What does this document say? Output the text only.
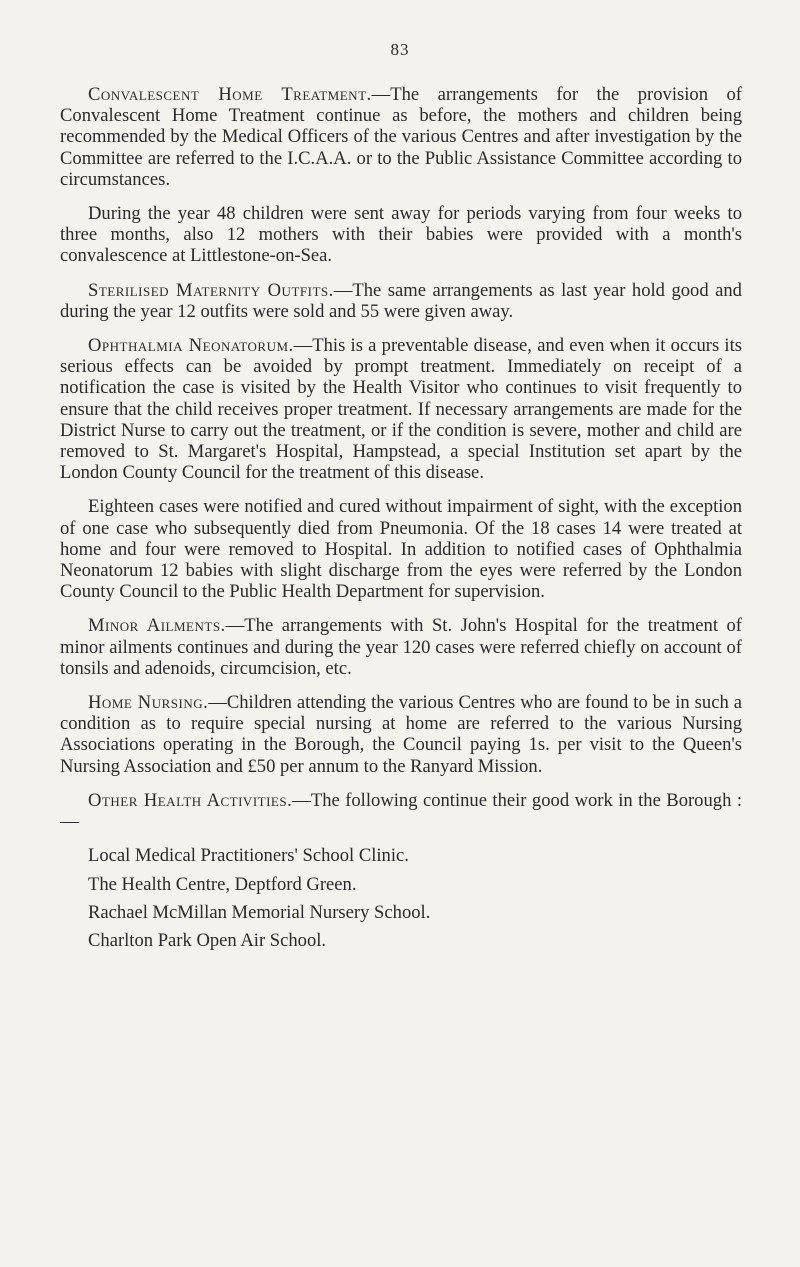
83

Convalescent Home Treatment.—The arrangements for the provision of Convalescent Home Treatment continue as before, the mothers and children being recommended by the Medical Officers of the various Centres and after investigation by the Committee are referred to the I.C.A.A. or to the Public Assistance Committee according to circumstances.

During the year 48 children were sent away for periods varying from four weeks to three months, also 12 mothers with their babies were provided with a month's convalescence at Littlestone-on-Sea.

Sterilised Maternity Outfits.—The same arrangements as last year hold good and during the year 12 outfits were sold and 55 were given away.

Ophthalmia Neonatorum.—This is a preventable disease, and even when it occurs its serious effects can be avoided by prompt treatment. Immediately on receipt of a notification the case is visited by the Health Visitor who continues to visit frequently to ensure that the child receives proper treatment. If necessary arrangements are made for the District Nurse to carry out the treatment, or if the condition is severe, mother and child are removed to St. Margaret's Hospital, Hampstead, a special Institution set apart by the London County Council for the treatment of this disease.

Eighteen cases were notified and cured without impairment of sight, with the exception of one case who subsequently died from Pneumonia. Of the 18 cases 14 were treated at home and four were removed to Hospital. In addition to notified cases of Ophthalmia Neonatorum 12 babies with slight discharge from the eyes were referred by the London County Council to the Public Health Department for supervision.

Minor Ailments.—The arrangements with St. John's Hospital for the treatment of minor ailments continues and during the year 120 cases were referred chiefly on account of tonsils and adenoids, circumcision, etc.

Home Nursing.—Children attending the various Centres who are found to be in such a condition as to require special nursing at home are referred to the various Nursing Associations operating in the Borough, the Council paying 1s. per visit to the Queen's Nursing Association and £50 per annum to the Ranyard Mission.

Other Health Activities.—The following continue their good work in the Borough :—

Local Medical Practitioners' School Clinic.
The Health Centre, Deptford Green.
Rachael McMillan Memorial Nursery School.
Charlton Park Open Air School.
